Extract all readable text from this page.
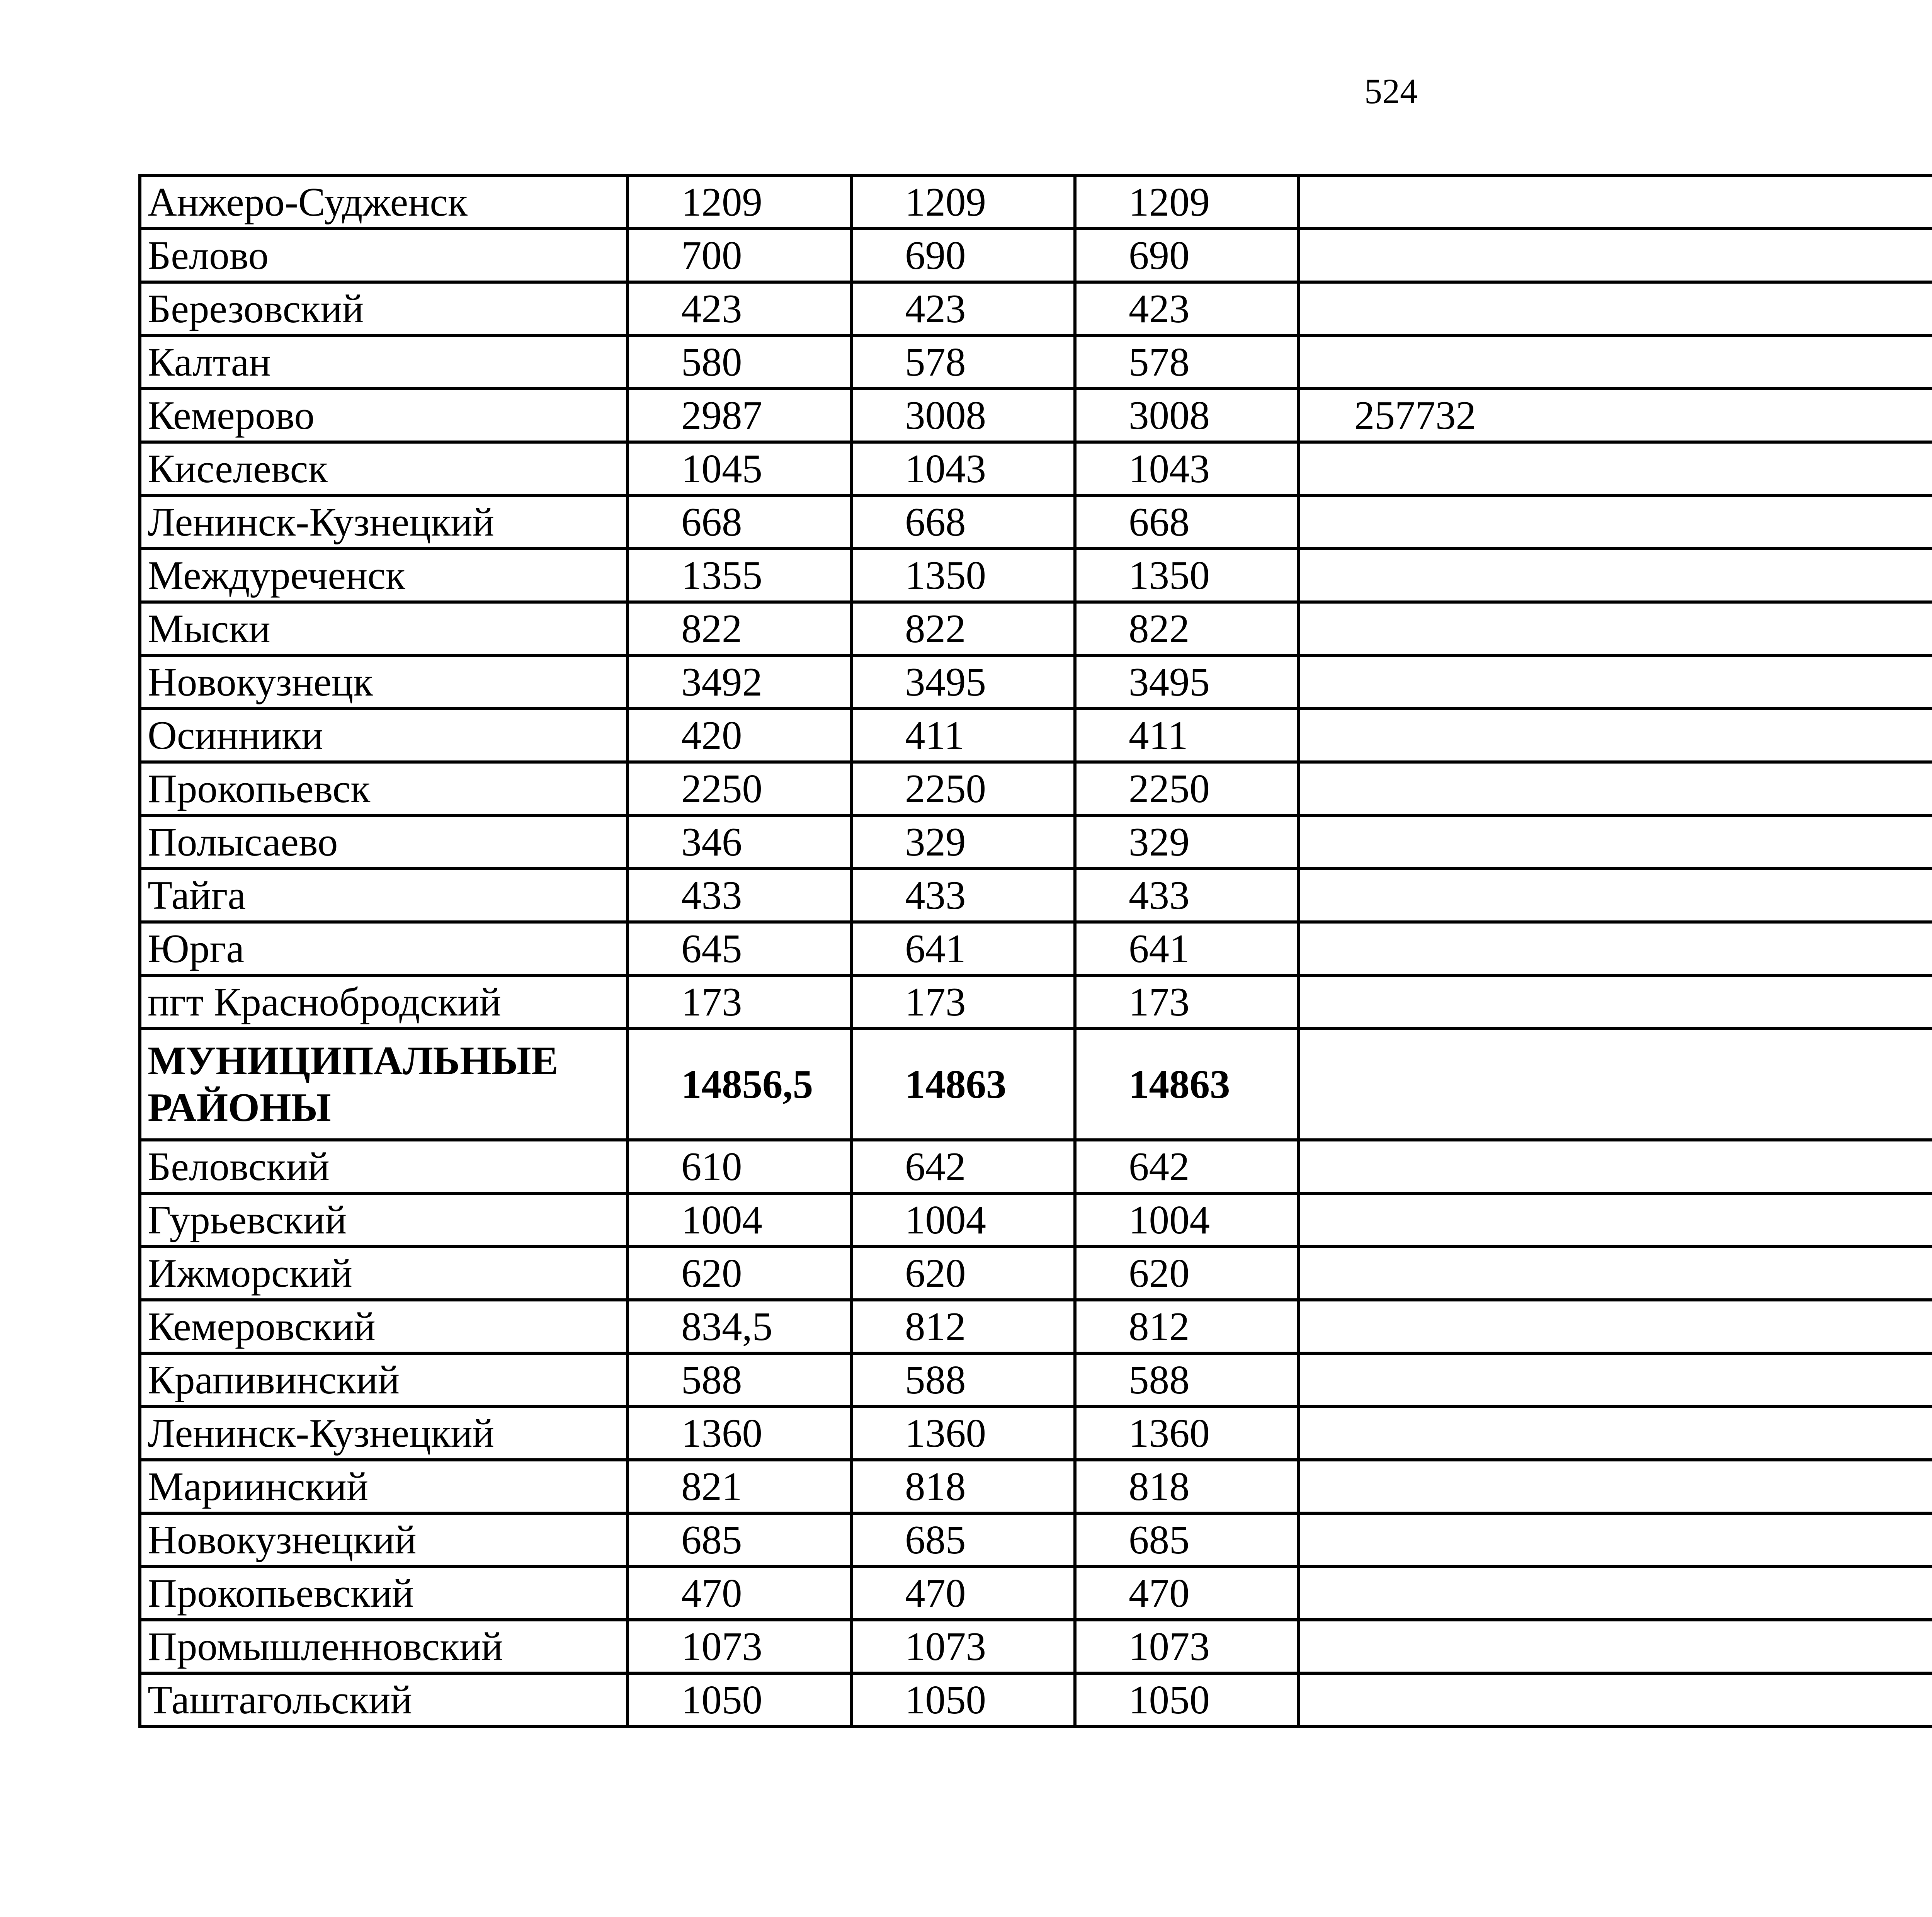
524
Анжеро-Судженск	1209	1209	1209		
Белово	700	690	690		
Березовский	423	423	423		
Калтан	580	578	578		
Кемерово	2987	3008	3008	257732	
Киселевск	1045	1043	1043		
Ленинск-Кузнецкий	668	668	668		
Междуреченск	1355	1350	1350		
Мыски	822	822	822		
Новокузнецк	3492	3495	3495		
Осинники	420	411	411		
Прокопьевск	2250	2250	2250		
Полысаево	346	329	329		
Тайга	433	433	433		
Юрга	645	641	641		
пгт Краснобродский	173	173	173		
МУНИЦИПАЛЬНЫЕ РАЙОНЫ	14856,5	14863	14863		
Беловский	610	642	642		
Гурьевский	1004	1004	1004		
Ижморский	620	620	620		
Кемеровский	834,5	812	812		
Крапивинский	588	588	588		
Ленинск-Кузнецкий	1360	1360	1360		
Мариинский	821	818	818		
Новокузнецкий	685	685	685		
Прокопьевский	470	470	470		
Промышленновский	1073	1073	1073		
Таштагольский	1050	1050	1050		
